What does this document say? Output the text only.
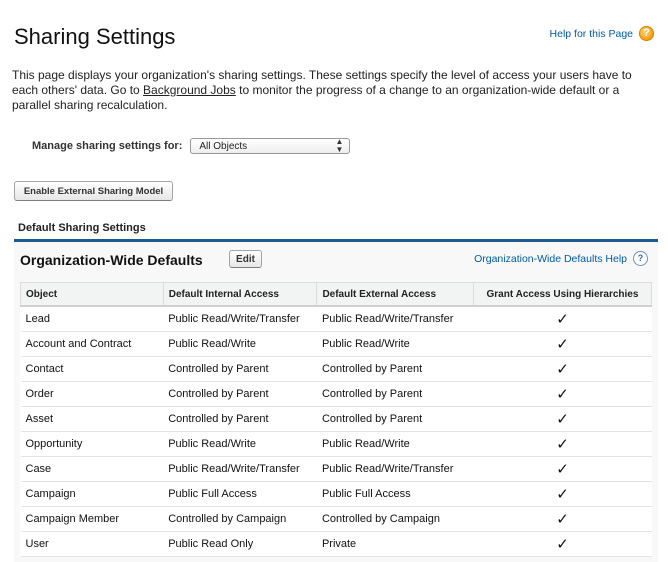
Sharing Settings	Help for this Page ?

This page displays your organization's sharing settings. These settings specify the level of access your users have to
each others' data. Go to Background Jobs to monitor the progress of a change to an organization-wide default or a
parallel sharing recalculation.

Manage sharing settings for: All Objects	▲
▼
Enable External Sharing Model
Default Sharing Settings
Organization-Wide Defaults	Edit	Organization-Wide Defaults Help	?
Object	Default Internal Access	Default External Access	Grant Access Using Hierarchies
Lead	Public Read/Write/Transfer	Public Read/Write/Transfer	✓
Account and Contract	Public Read/Write	Public Read/Write	✓
Contact	Controlled by Parent	Controlled by Parent	✓
Order	Controlled by Parent	Controlled by Parent	✓
Asset	Controlled by Parent	Controlled by Parent	✓
Opportunity	Public Read/Write	Public Read/Write	✓
Case	Public Read/Write/Transfer	Public Read/Write/Transfer	✓
Campaign	Public Full Access	Public Full Access	✓
Campaign Member	Controlled by Campaign	Controlled by Campaign	✓
User	Public Read Only	Private	✓
